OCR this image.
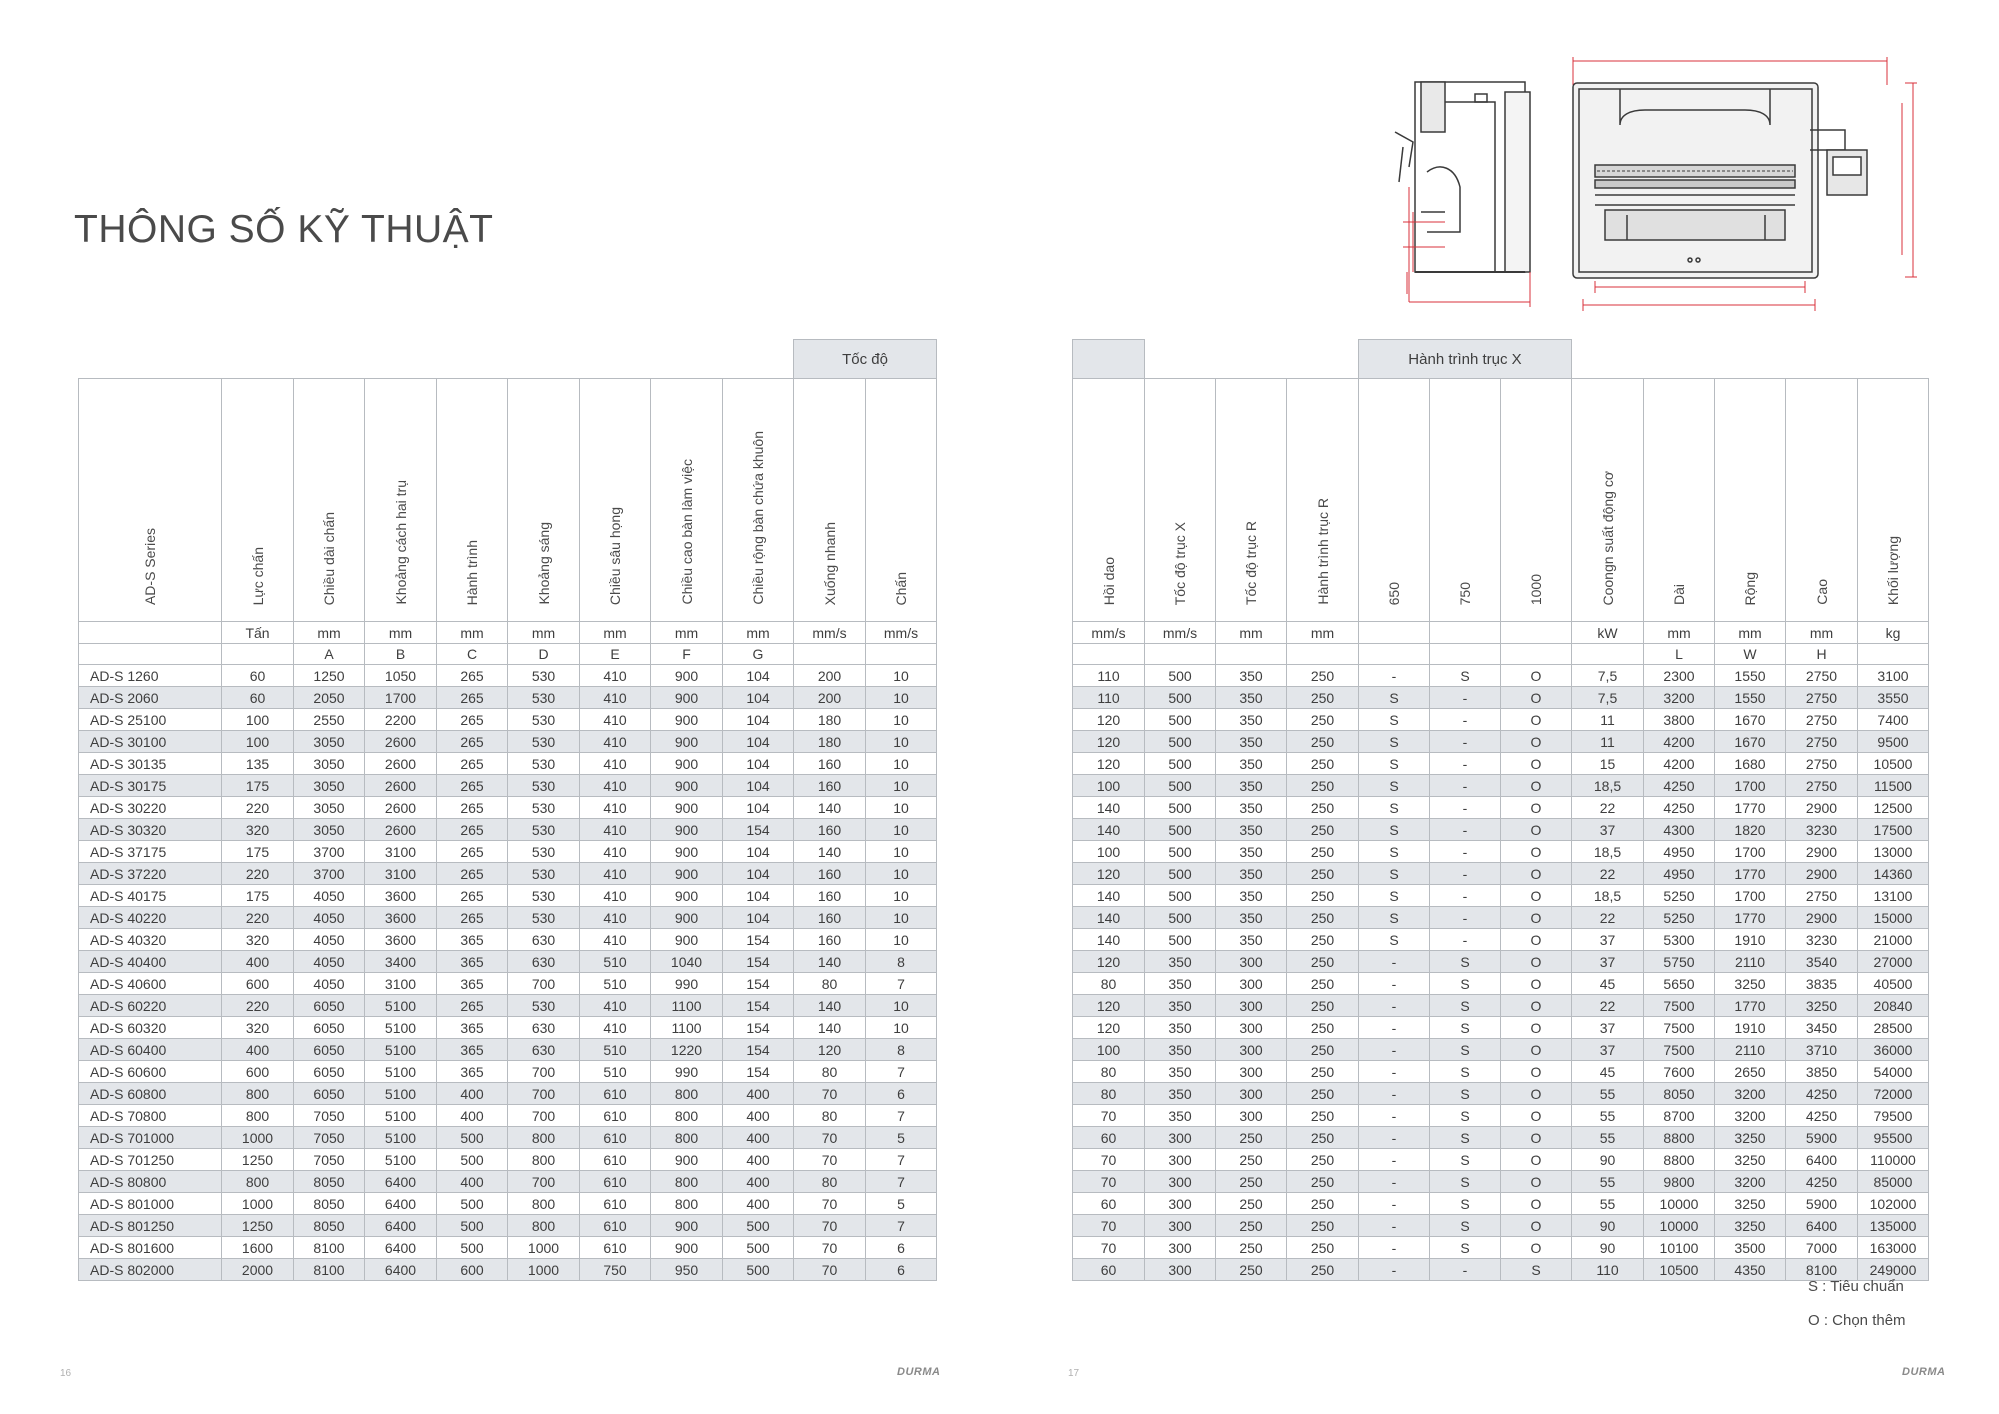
THÔNG SỐ KỸ THUẬT
									Tốc độ	
AD-S Series	Lực chấn	Chiều dài chấn	Khoảng cách hai trụ	Hành trình	Khoảng sáng	Chiều sâu họng	Chiều cao bàn làm việc	Chiều rộng bàn chứa khuôn	Xuống nhanh	Chấn
	Tấn	mm	mm	mm	mm	mm	mm	mm	mm/s	mm/s
		A	B	C	D	E	F	G		
AD-S 1260	60	1250	1050	265	530	410	900	104	200	10
AD-S 2060	60	2050	1700	265	530	410	900	104	200	10
AD-S 25100	100	2550	2200	265	530	410	900	104	180	10
AD-S 30100	100	3050	2600	265	530	410	900	104	180	10
AD-S 30135	135	3050	2600	265	530	410	900	104	160	10
AD-S 30175	175	3050	2600	265	530	410	900	104	160	10
AD-S 30220	220	3050	2600	265	530	410	900	104	140	10
AD-S 30320	320	3050	2600	265	530	410	900	154	160	10
AD-S 37175	175	3700	3100	265	530	410	900	104	140	10
AD-S 37220	220	3700	3100	265	530	410	900	104	160	10
AD-S 40175	175	4050	3600	265	530	410	900	104	160	10
AD-S 40220	220	4050	3600	265	530	410	900	104	160	10
AD-S 40320	320	4050	3600	365	630	410	900	154	160	10
AD-S 40400	400	4050	3400	365	630	510	1040	154	140	8
AD-S 40600	600	4050	3100	365	700	510	990	154	80	7
AD-S 60220	220	6050	5100	265	530	410	1100	154	140	10
AD-S 60320	320	6050	5100	365	630	410	1100	154	140	10
AD-S 60400	400	6050	5100	365	630	510	1220	154	120	8
AD-S 60600	600	6050	5100	365	700	510	990	154	80	7
AD-S 60800	800	6050	5100	400	700	610	800	400	70	6
AD-S 70800	800	7050	5100	400	700	610	800	400	80	7
AD-S 701000	1000	7050	5100	500	800	610	800	400	70	5
AD-S 701250	1250	7050	5100	500	800	610	900	400	70	7
AD-S 80800	800	8050	6400	400	700	610	800	400	80	7
AD-S 801000	1000	8050	6400	500	800	610	800	400	70	5
AD-S 801250	1250	8050	6400	500	800	610	900	500	70	7
AD-S 801600	1600	8100	6400	500	1000	610	900	500	70	6
AD-S 802000	2000	8100	6400	600	1000	750	950	500	70	6
				Hành trình trục X							
Hồi dao	Tốc độ trục X	Tốc độ trục R	Hành trình trục R	650	750	1000	Coongn suất động cơ	Dài	Rộng	Cao	Khối lượng
mm/s	mm/s	mm	mm				kW	mm	mm	mm	kg
								L	W	H	
110	500	350	250	-	S	O	7,5	2300	1550	2750	3100
110	500	350	250	S	-	O	7,5	3200	1550	2750	3550
120	500	350	250	S	-	O	11	3800	1670	2750	7400
120	500	350	250	S	-	O	11	4200	1670	2750	9500
120	500	350	250	S	-	O	15	4200	1680	2750	10500
100	500	350	250	S	-	O	18,5	4250	1700	2750	11500
140	500	350	250	S	-	O	22	4250	1770	2900	12500
140	500	350	250	S	-	O	37	4300	1820	3230	17500
100	500	350	250	S	-	O	18,5	4950	1700	2900	13000
120	500	350	250	S	-	O	22	4950	1770	2900	14360
140	500	350	250	S	-	O	18,5	5250	1700	2750	13100
140	500	350	250	S	-	O	22	5250	1770	2900	15000
140	500	350	250	S	-	O	37	5300	1910	3230	21000
120	350	300	250	-	S	O	37	5750	2110	3540	27000
80	350	300	250	-	S	O	45	5650	3250	3835	40500
120	350	300	250	-	S	O	22	7500	1770	3250	20840
120	350	300	250	-	S	O	37	7500	1910	3450	28500
100	350	300	250	-	S	O	37	7500	2110	3710	36000
80	350	300	250	-	S	O	45	7600	2650	3850	54000
80	350	300	250	-	S	O	55	8050	3200	4250	72000
70	350	300	250	-	S	O	55	8700	3200	4250	79500
60	300	250	250	-	S	O	55	8800	3250	5900	95500
70	300	250	250	-	S	O	90	8800	3250	6400	110000
70	300	250	250	-	S	O	55	9800	3200	4250	85000
60	300	250	250	-	S	O	55	10000	3250	5900	102000
70	300	250	250	-	S	O	90	10000	3250	6400	135000
70	300	250	250	-	S	O	90	10100	3500	7000	163000
60	300	250	250	-	-	S	110	10500	4350	8100	249000
S : Tiêu chuẩn
O : Chọn thêm
16	DURMA	17	DURMA
